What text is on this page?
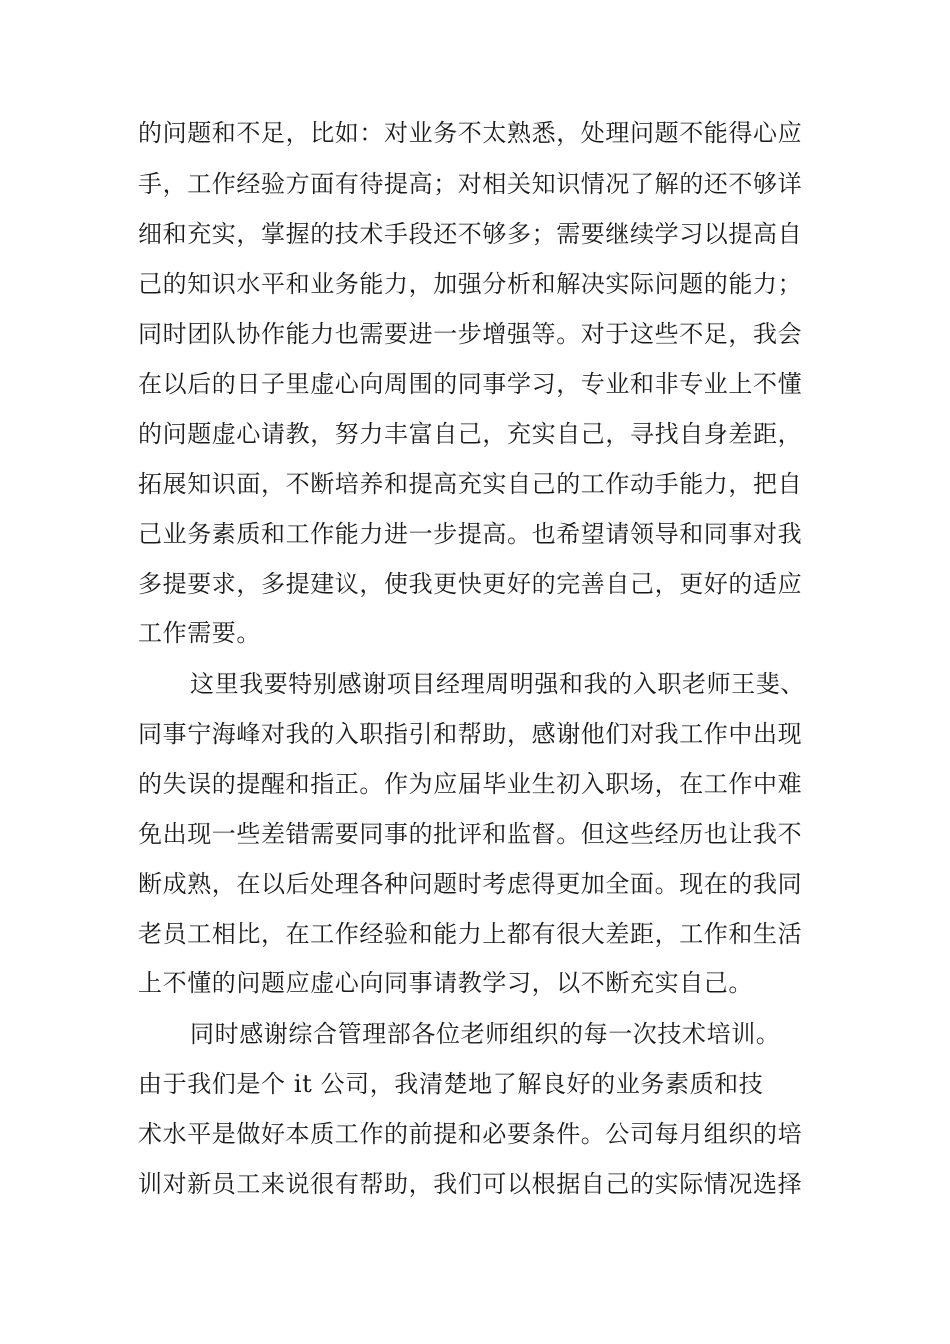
的问题和不足，比如：对业务不太熟悉，处理问题不能得心应
手，工作经验方面有待提高；对相关知识情况了解的还不够详
细和充实，掌握的技术手段还不够多；需要继续学习以提高自
己的知识水平和业务能力，加强分析和解决实际问题的能力；
同时团队协作能力也需要进一步增强等。对于这些不足，我会
在以后的日子里虚心向周围的同事学习，专业和非专业上不懂
的问题虚心请教，努力丰富自己，充实自己，寻找自身差距，
拓展知识面，不断培养和提高充实自己的工作动手能力，把自
己业务素质和工作能力进一步提高。也希望请领导和同事对我
多提要求，多提建议，使我更快更好的完善自己，更好的适应
工作需要。
这里我要特别感谢项目经理周明强和我的入职老师王斐、
同事宁海峰对我的入职指引和帮助，感谢他们对我工作中出现
的失误的提醒和指正。作为应届毕业生初入职场，在工作中难
免出现一些差错需要同事的批评和监督。但这些经历也让我不
断成熟，在以后处理各种问题时考虑得更加全面。现在的我同
老员工相比，在工作经验和能力上都有很大差距，工作和生活
上不懂的问题应虚心向同事请教学习，以不断充实自己。
同时感谢综合管理部各位老师组织的每一次技术培训。
由于我们是个 it 公司，我清楚地了解良好的业务素质和技
术水平是做好本质工作的前提和必要条件。公司每月组织的培
训对新员工来说很有帮助，我们可以根据自己的实际情况选择
